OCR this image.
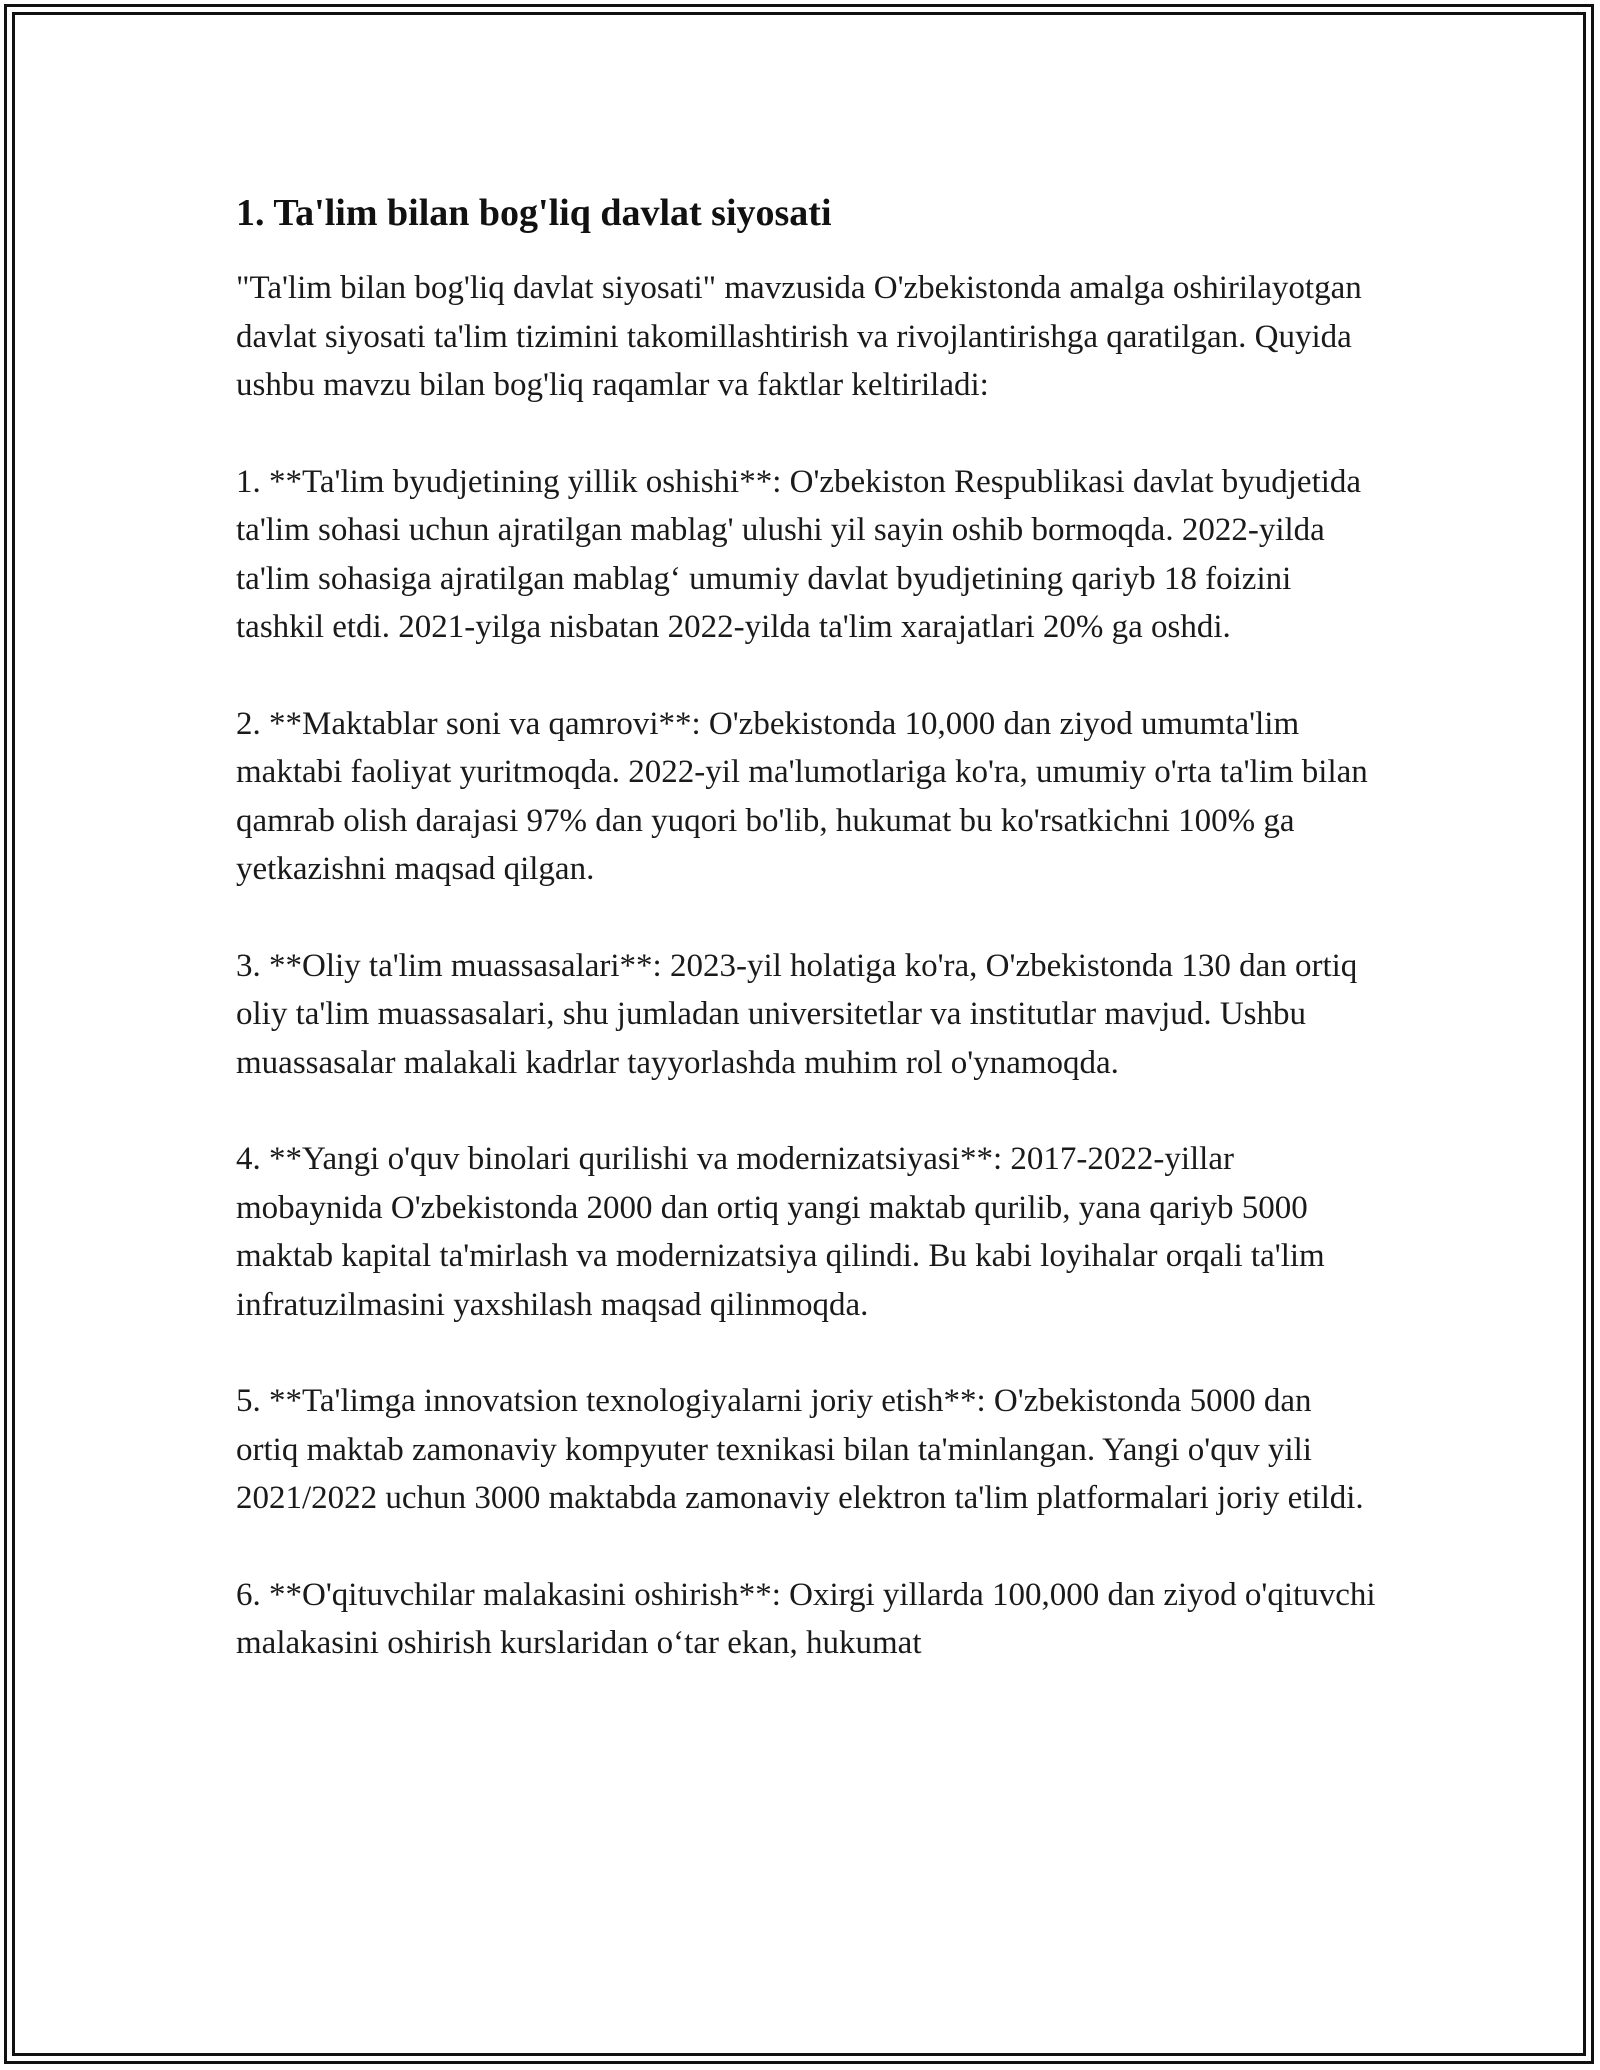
1. Ta'lim bilan bog'liq davlat siyosati

"Ta'lim bilan bog'liq davlat siyosati" mavzusida O'zbekistonda amalga oshirilayotgan davlat siyosati ta'lim tizimini takomillashtirish va rivojlantirishga qaratilgan. Quyida ushbu mavzu bilan bog'liq raqamlar va faktlar keltiriladi:

1. **Ta'lim byudjetining yillik oshishi**: O'zbekiston Respublikasi davlat byudjetida ta'lim sohasi uchun ajratilgan mablag' ulushi yil sayin oshib bormoqda. 2022-yilda ta'lim sohasiga ajratilgan mablag‘ umumiy davlat byudjetining qariyb 18 foizini tashkil etdi. 2021-yilga nisbatan 2022-yilda ta'lim xarajatlari 20% ga oshdi.

2. **Maktablar soni va qamrovi**: O'zbekistonda 10,000 dan ziyod umumta'lim maktabi faoliyat yuritmoqda. 2022-yil ma'lumotlariga ko'ra, umumiy o'rta ta'lim bilan qamrab olish darajasi 97% dan yuqori bo'lib, hukumat bu ko'rsatkichni 100% ga yetkazishni maqsad qilgan.

3. **Oliy ta'lim muassasalari**: 2023-yil holatiga ko'ra, O'zbekistonda 130 dan ortiq oliy ta'lim muassasalari, shu jumladan universitetlar va institutlar mavjud. Ushbu muassasalar malakali kadrlar tayyorlashda muhim rol o'ynamoqda.

4. **Yangi o'quv binolari qurilishi va modernizatsiyasi**: 2017-2022-yillar mobaynida O'zbekistonda 2000 dan ortiq yangi maktab qurilib, yana qariyb 5000 maktab kapital ta'mirlash va modernizatsiya qilindi. Bu kabi loyihalar orqali ta'lim infratuzilmasini yaxshilash maqsad qilinmoqda.

5. **Ta'limga innovatsion texnologiyalarni joriy etish**: O'zbekistonda 5000 dan ortiq maktab zamonaviy kompyuter texnikasi bilan ta'minlangan. Yangi o'quv yili 2021/2022 uchun 3000 maktabda zamonaviy elektron ta'lim platformalari joriy etildi.

6. **O'qituvchilar malakasini oshirish**: Oxirgi yillarda 100,000 dan ziyod o'qituvchi malakasini oshirish kurslaridan o‘tar ekan, hukumat
